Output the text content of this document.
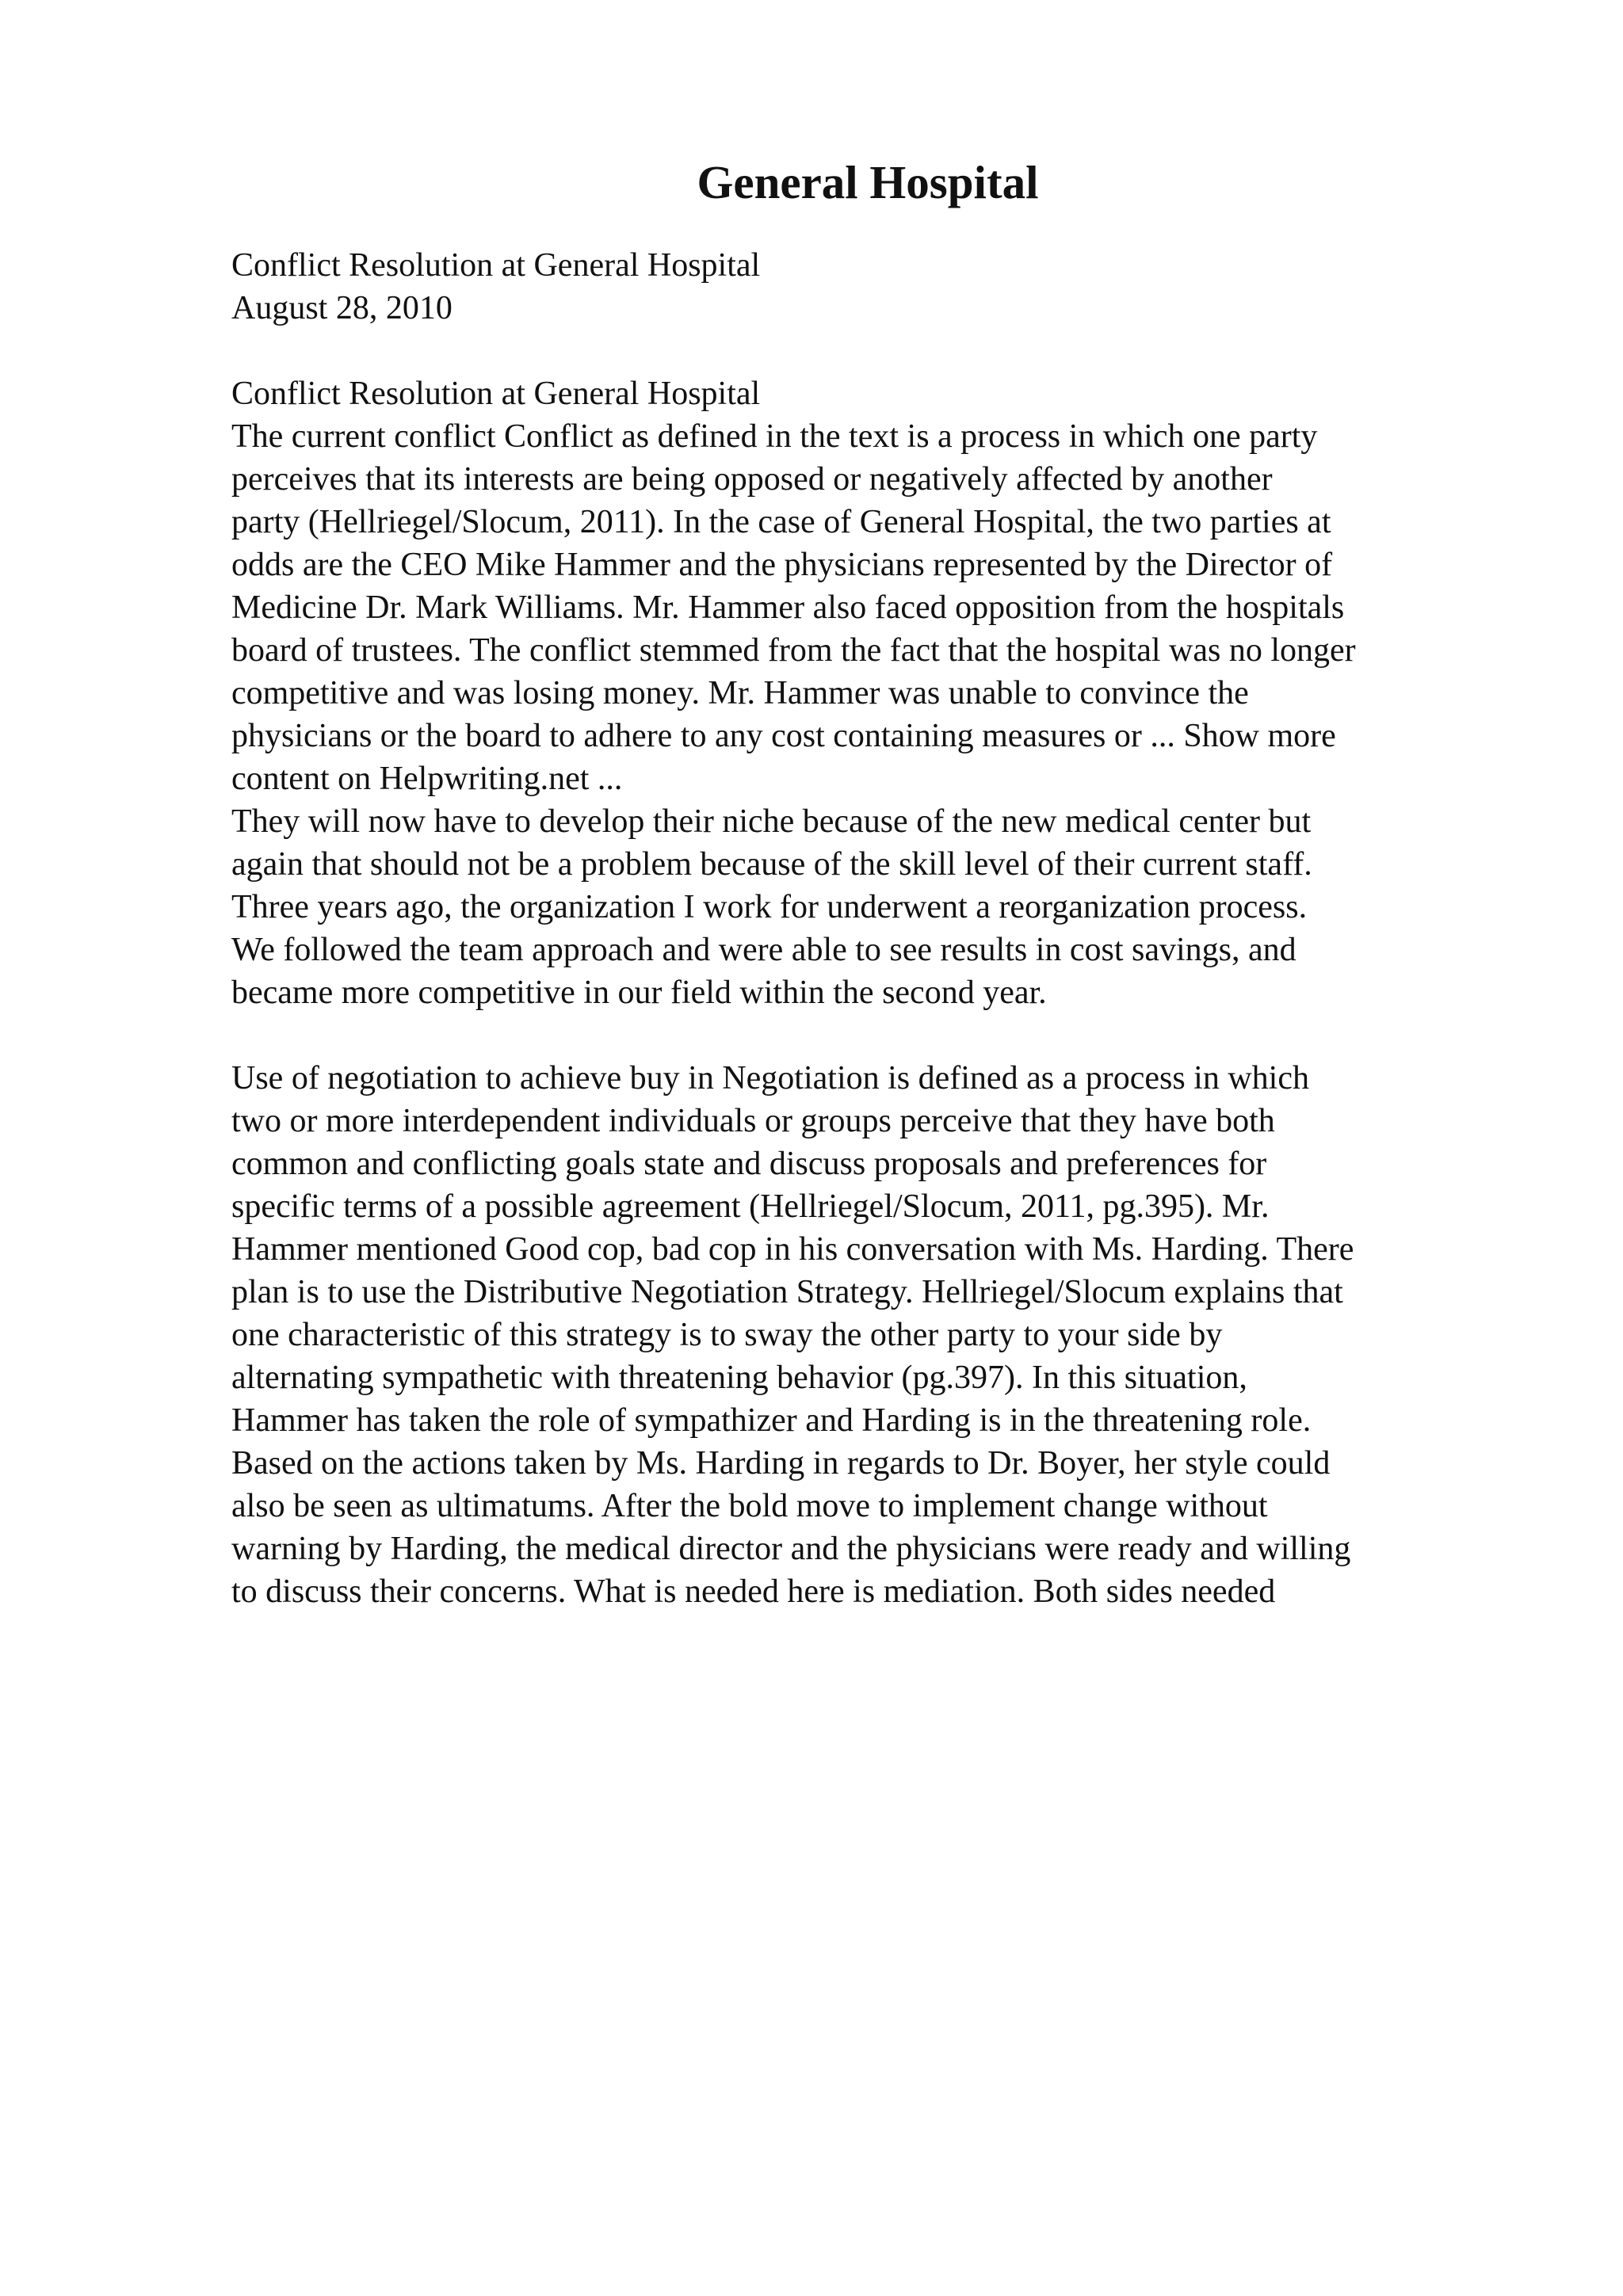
General Hospital
Conflict Resolution at General Hospital
August 28, 2010
Conflict Resolution at General Hospital
The current conflict Conflict as defined in the text is a process in which one party
perceives that its interests are being opposed or negatively affected by another
party (Hellriegel/Slocum, 2011). In the case of General Hospital, the two parties at
odds are the CEO Mike Hammer and the physicians represented by the Director of
Medicine Dr. Mark Williams. Mr. Hammer also faced opposition from the hospitals
board of trustees. The conflict stemmed from the fact that the hospital was no longer
competitive and was losing money. Mr. Hammer was unable to convince the
physicians or the board to adhere to any cost containing measures or ... Show more
content on Helpwriting.net ...
They will now have to develop their niche because of the new medical center but
again that should not be a problem because of the skill level of their current staff.
Three years ago, the organization I work for underwent a reorganization process.
We followed the team approach and were able to see results in cost savings, and
became more competitive in our field within the second year.
Use of negotiation to achieve buy in Negotiation is defined as a process in which
two or more interdependent individuals or groups perceive that they have both
common and conflicting goals state and discuss proposals and preferences for
specific terms of a possible agreement (Hellriegel/Slocum, 2011, pg.395). Mr.
Hammer mentioned Good cop, bad cop in his conversation with Ms. Harding. There
plan is to use the Distributive Negotiation Strategy. Hellriegel/Slocum explains that
one characteristic of this strategy is to sway the other party to your side by
alternating sympathetic with threatening behavior (pg.397). In this situation,
Hammer has taken the role of sympathizer and Harding is in the threatening role.
Based on the actions taken by Ms. Harding in regards to Dr. Boyer, her style could
also be seen as ultimatums. After the bold move to implement change without
warning by Harding, the medical director and the physicians were ready and willing
to discuss their concerns. What is needed here is mediation. Both sides needed
